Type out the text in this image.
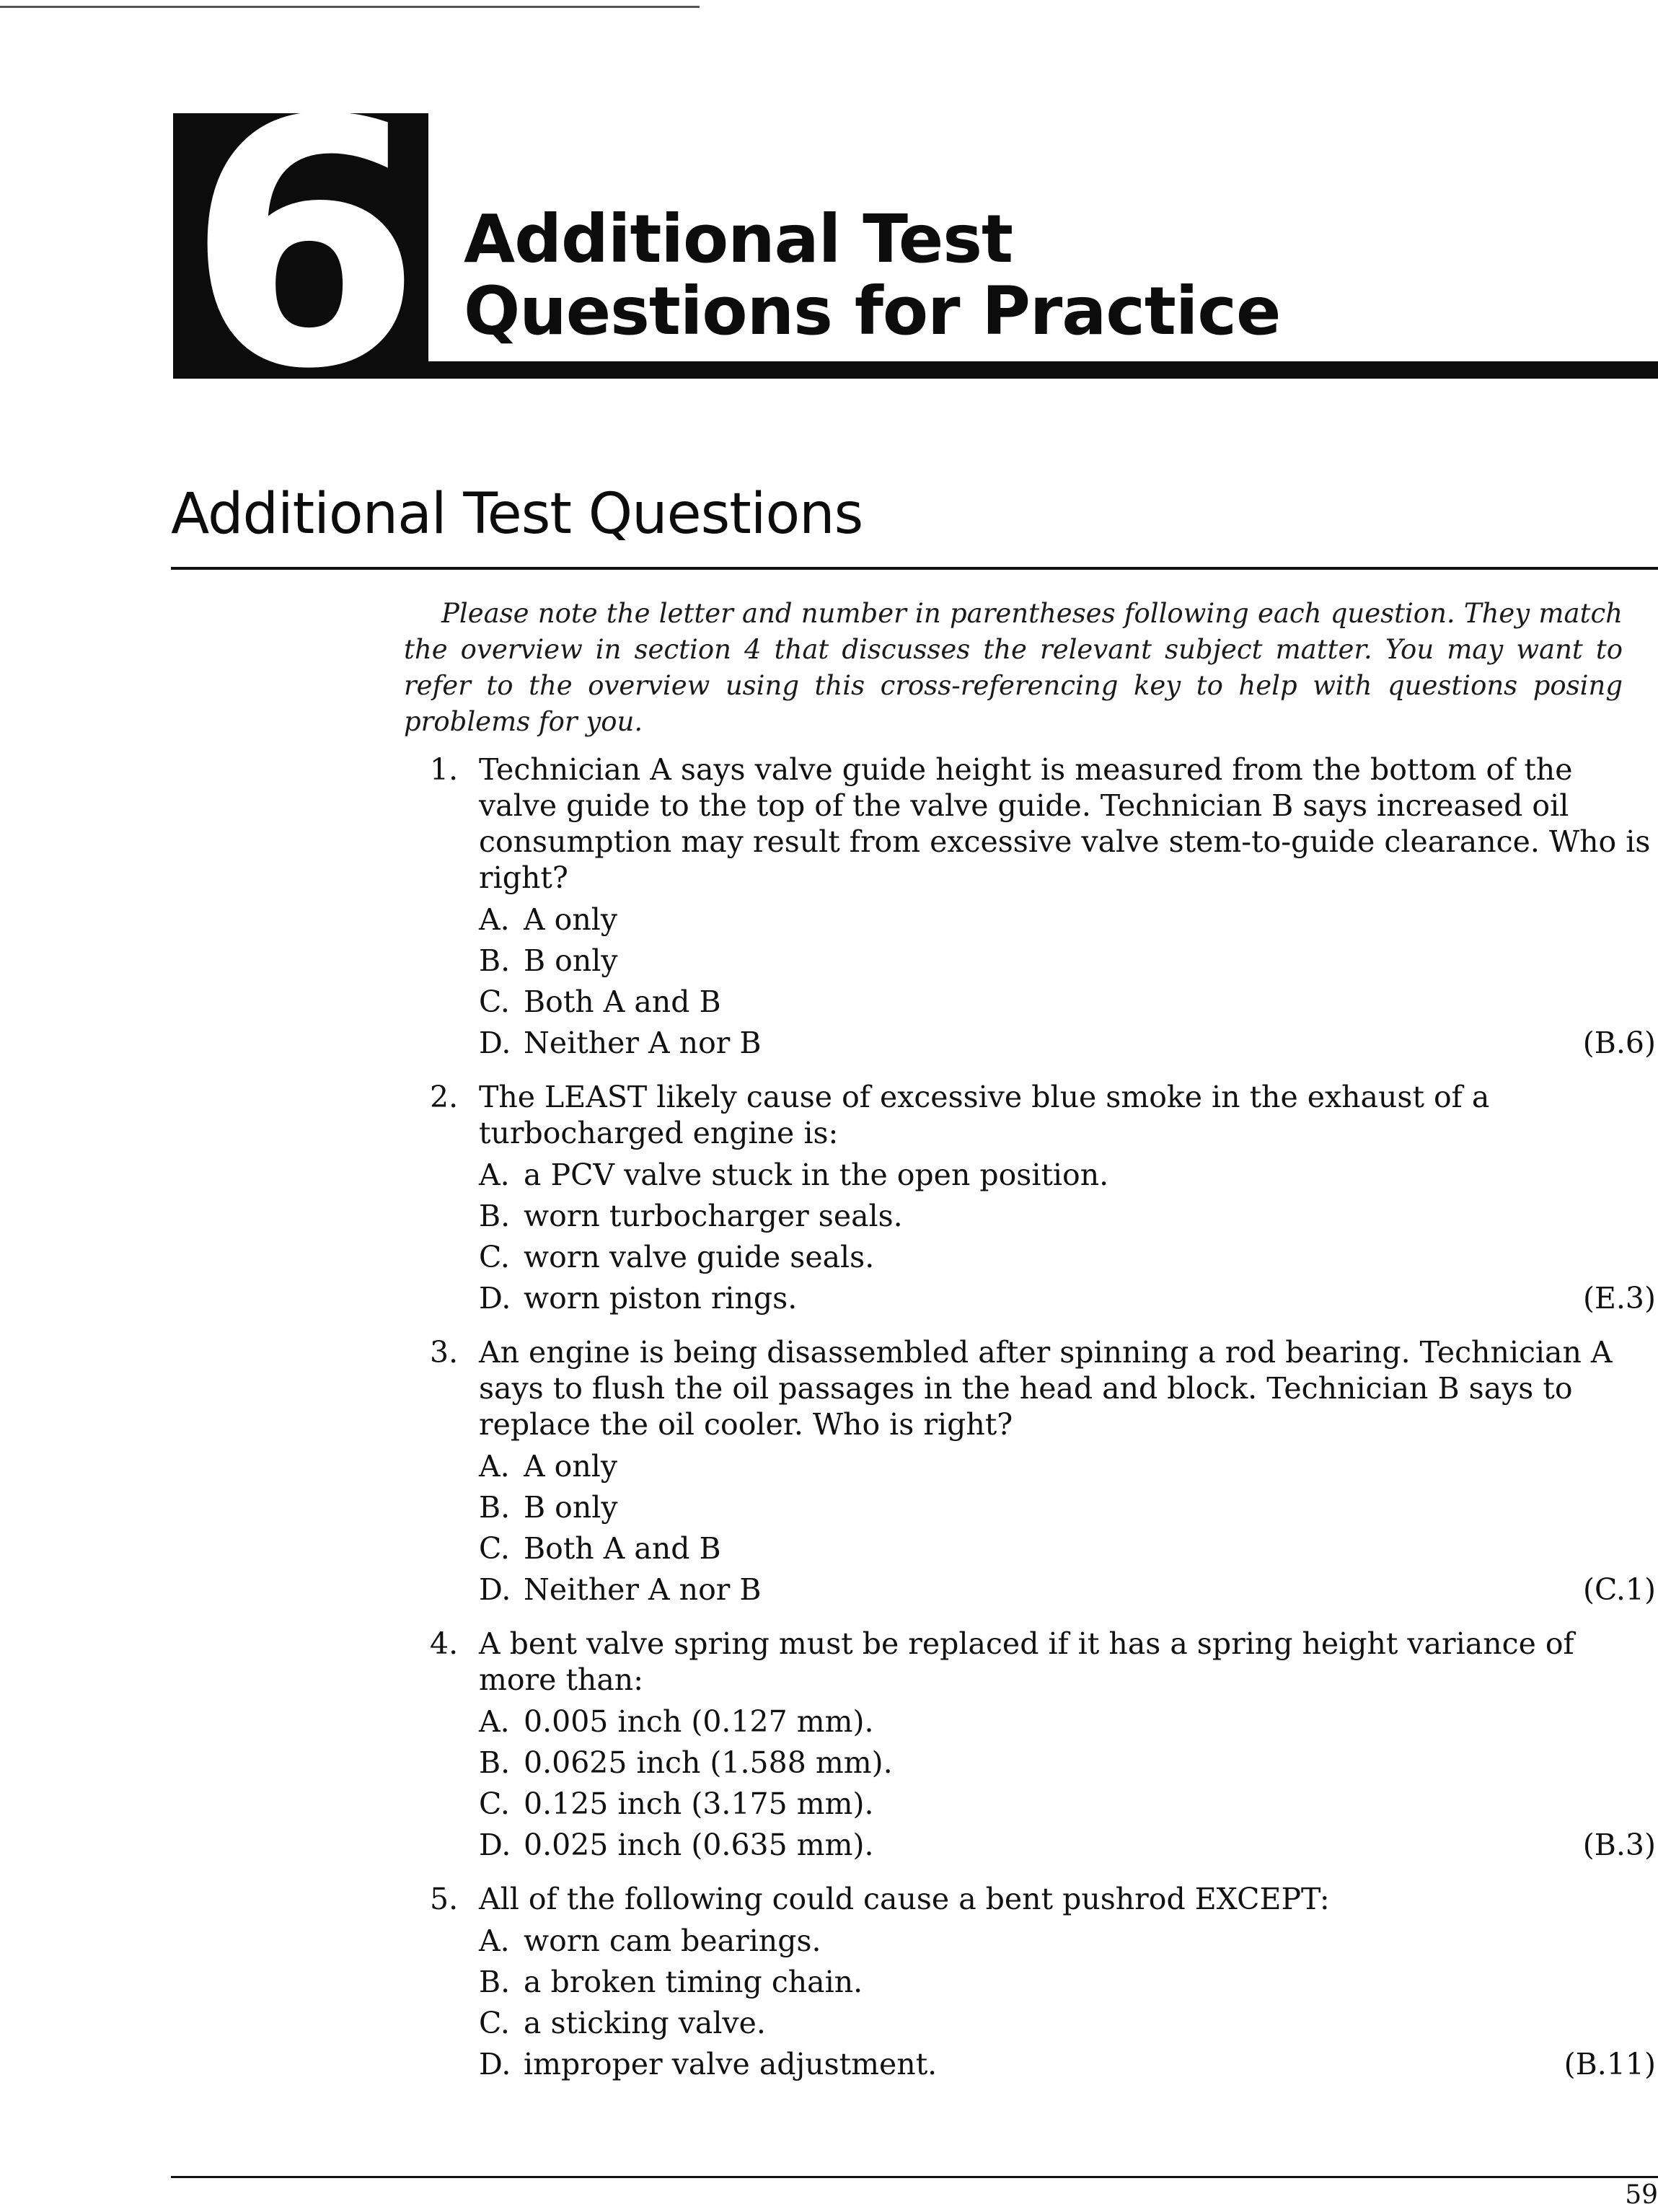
6 Additional Test
Questions for Practice
Additional Test Questions

Please note the letter and number in parentheses following each question. They match the overview in section 4 that discusses the relevant subject matter. You may want to refer to the overview using this cross-referencing key to help with questions posing problems for you.

1. Technician A says valve guide height is measured from the bottom of the valve guide to the top of the valve guide. Technician B says increased oil consumption may result from excessive valve stem-to-guide clearance. Who is right?
A. A only
B. B only
C. Both A and B
D. Neither A nor B	(B.6)
2. The LEAST likely cause of excessive blue smoke in the exhaust of a turbocharged engine is:
A. a PCV valve stuck in the open position.
B. worn turbocharger seals.
C. worn valve guide seals.
D. worn piston rings.	(E.3)
3. An engine is being disassembled after spinning a rod bearing. Technician A says to flush the oil passages in the head and block. Technician B says to replace the oil cooler. Who is right?
A. A only
B. B only
C. Both A and B
D. Neither A nor B	(C.1)
4. A bent valve spring must be replaced if it has a spring height variance of more than:
A. 0.005 inch (0.127 mm).
B. 0.0625 inch (1.588 mm).
C. 0.125 inch (3.175 mm).
D. 0.025 inch (0.635 mm).	(B.3)
5. All of the following could cause a bent pushrod EXCEPT:
A. worn cam bearings.
B. a broken timing chain.
C. a sticking valve.
D. improper valve adjustment.	(B.11)
59
